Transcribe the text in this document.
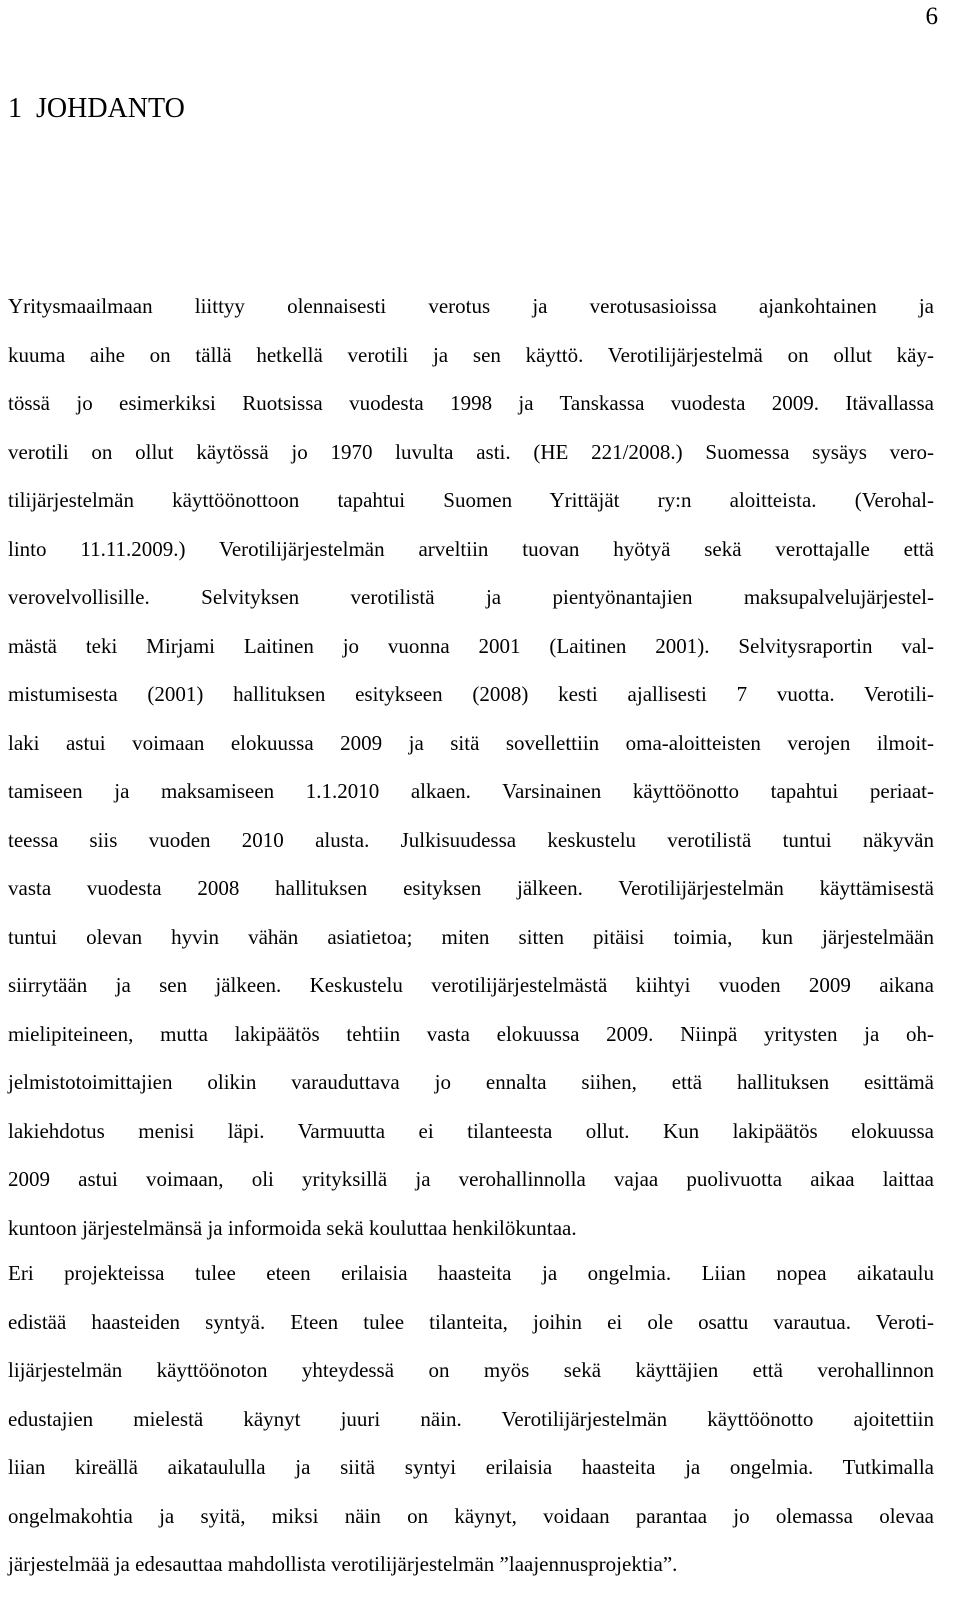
6
1 JOHDANTO

Yritysmaailmaan liittyy olennaisesti verotus ja verotusasioissa ajankohtainen ja
kuuma aihe on tällä hetkellä verotili ja sen käyttö. Verotilijärjestelmä on ollut käy-
tössä jo esimerkiksi Ruotsissa vuodesta 1998 ja Tanskassa vuodesta 2009. Itävallassa
verotili on ollut käytössä jo 1970 luvulta asti. (HE 221/2008.) Suomessa sysäys vero-
tilijärjestelmän käyttöönottoon tapahtui Suomen Yrittäjät ry:n aloitteista. (Verohal-
linto 11.11.2009.) Verotilijärjestelmän arveltiin tuovan hyötyä sekä verottajalle että
verovelvollisille. Selvityksen verotilistä ja pientyönantajien maksupalvelujärjestel-
mästä teki Mirjami Laitinen jo vuonna 2001 (Laitinen 2001). Selvitysraportin val-
mistumisesta (2001) hallituksen esitykseen (2008) kesti ajallisesti 7 vuotta. Verotili-
laki astui voimaan elokuussa 2009 ja sitä sovellettiin oma-aloitteisten verojen ilmoit-
tamiseen ja maksamiseen 1.1.2010 alkaen. Varsinainen käyttöönotto tapahtui periaat-
teessa siis vuoden 2010 alusta. Julkisuudessa keskustelu verotilistä tuntui näkyvän
vasta vuodesta 2008 hallituksen esityksen jälkeen. Verotilijärjestelmän käyttämisestä
tuntui olevan hyvin vähän asiatietoa; miten sitten pitäisi toimia, kun järjestelmään
siirrytään ja sen jälkeen. Keskustelu verotilijärjestelmästä kiihtyi vuoden 2009 aikana
mielipiteineen, mutta lakipäätös tehtiin vasta elokuussa 2009. Niinpä yritysten ja oh-
jelmistotoimittajien olikin varauduttava jo ennalta siihen, että hallituksen esittämä
lakiehdotus menisi läpi. Varmuutta ei tilanteesta ollut. Kun lakipäätös elokuussa
2009 astui voimaan, oli yrityksillä ja verohallinnolla vajaa puolivuotta aikaa laittaa
kuntoon järjestelmänsä ja informoida sekä kouluttaa henkilökuntaa.

Eri projekteissa tulee eteen erilaisia haasteita ja ongelmia. Liian nopea aikataulu
edistää haasteiden syntyä. Eteen tulee tilanteita, joihin ei ole osattu varautua. Veroti-
lijärjestelmän käyttöönoton yhteydessä on myös sekä käyttäjien että verohallinnon
edustajien mielestä käynyt juuri näin. Verotilijärjestelmän käyttöönotto ajoitettiin
liian kireällä aikataululla ja siitä syntyi erilaisia haasteita ja ongelmia. Tutkimalla
ongelmakohtia ja syitä, miksi näin on käynyt, voidaan parantaa jo olemassa olevaa
järjestelmää ja edesauttaa mahdollista verotilijärjestelmän ”laajennusprojektia”.
